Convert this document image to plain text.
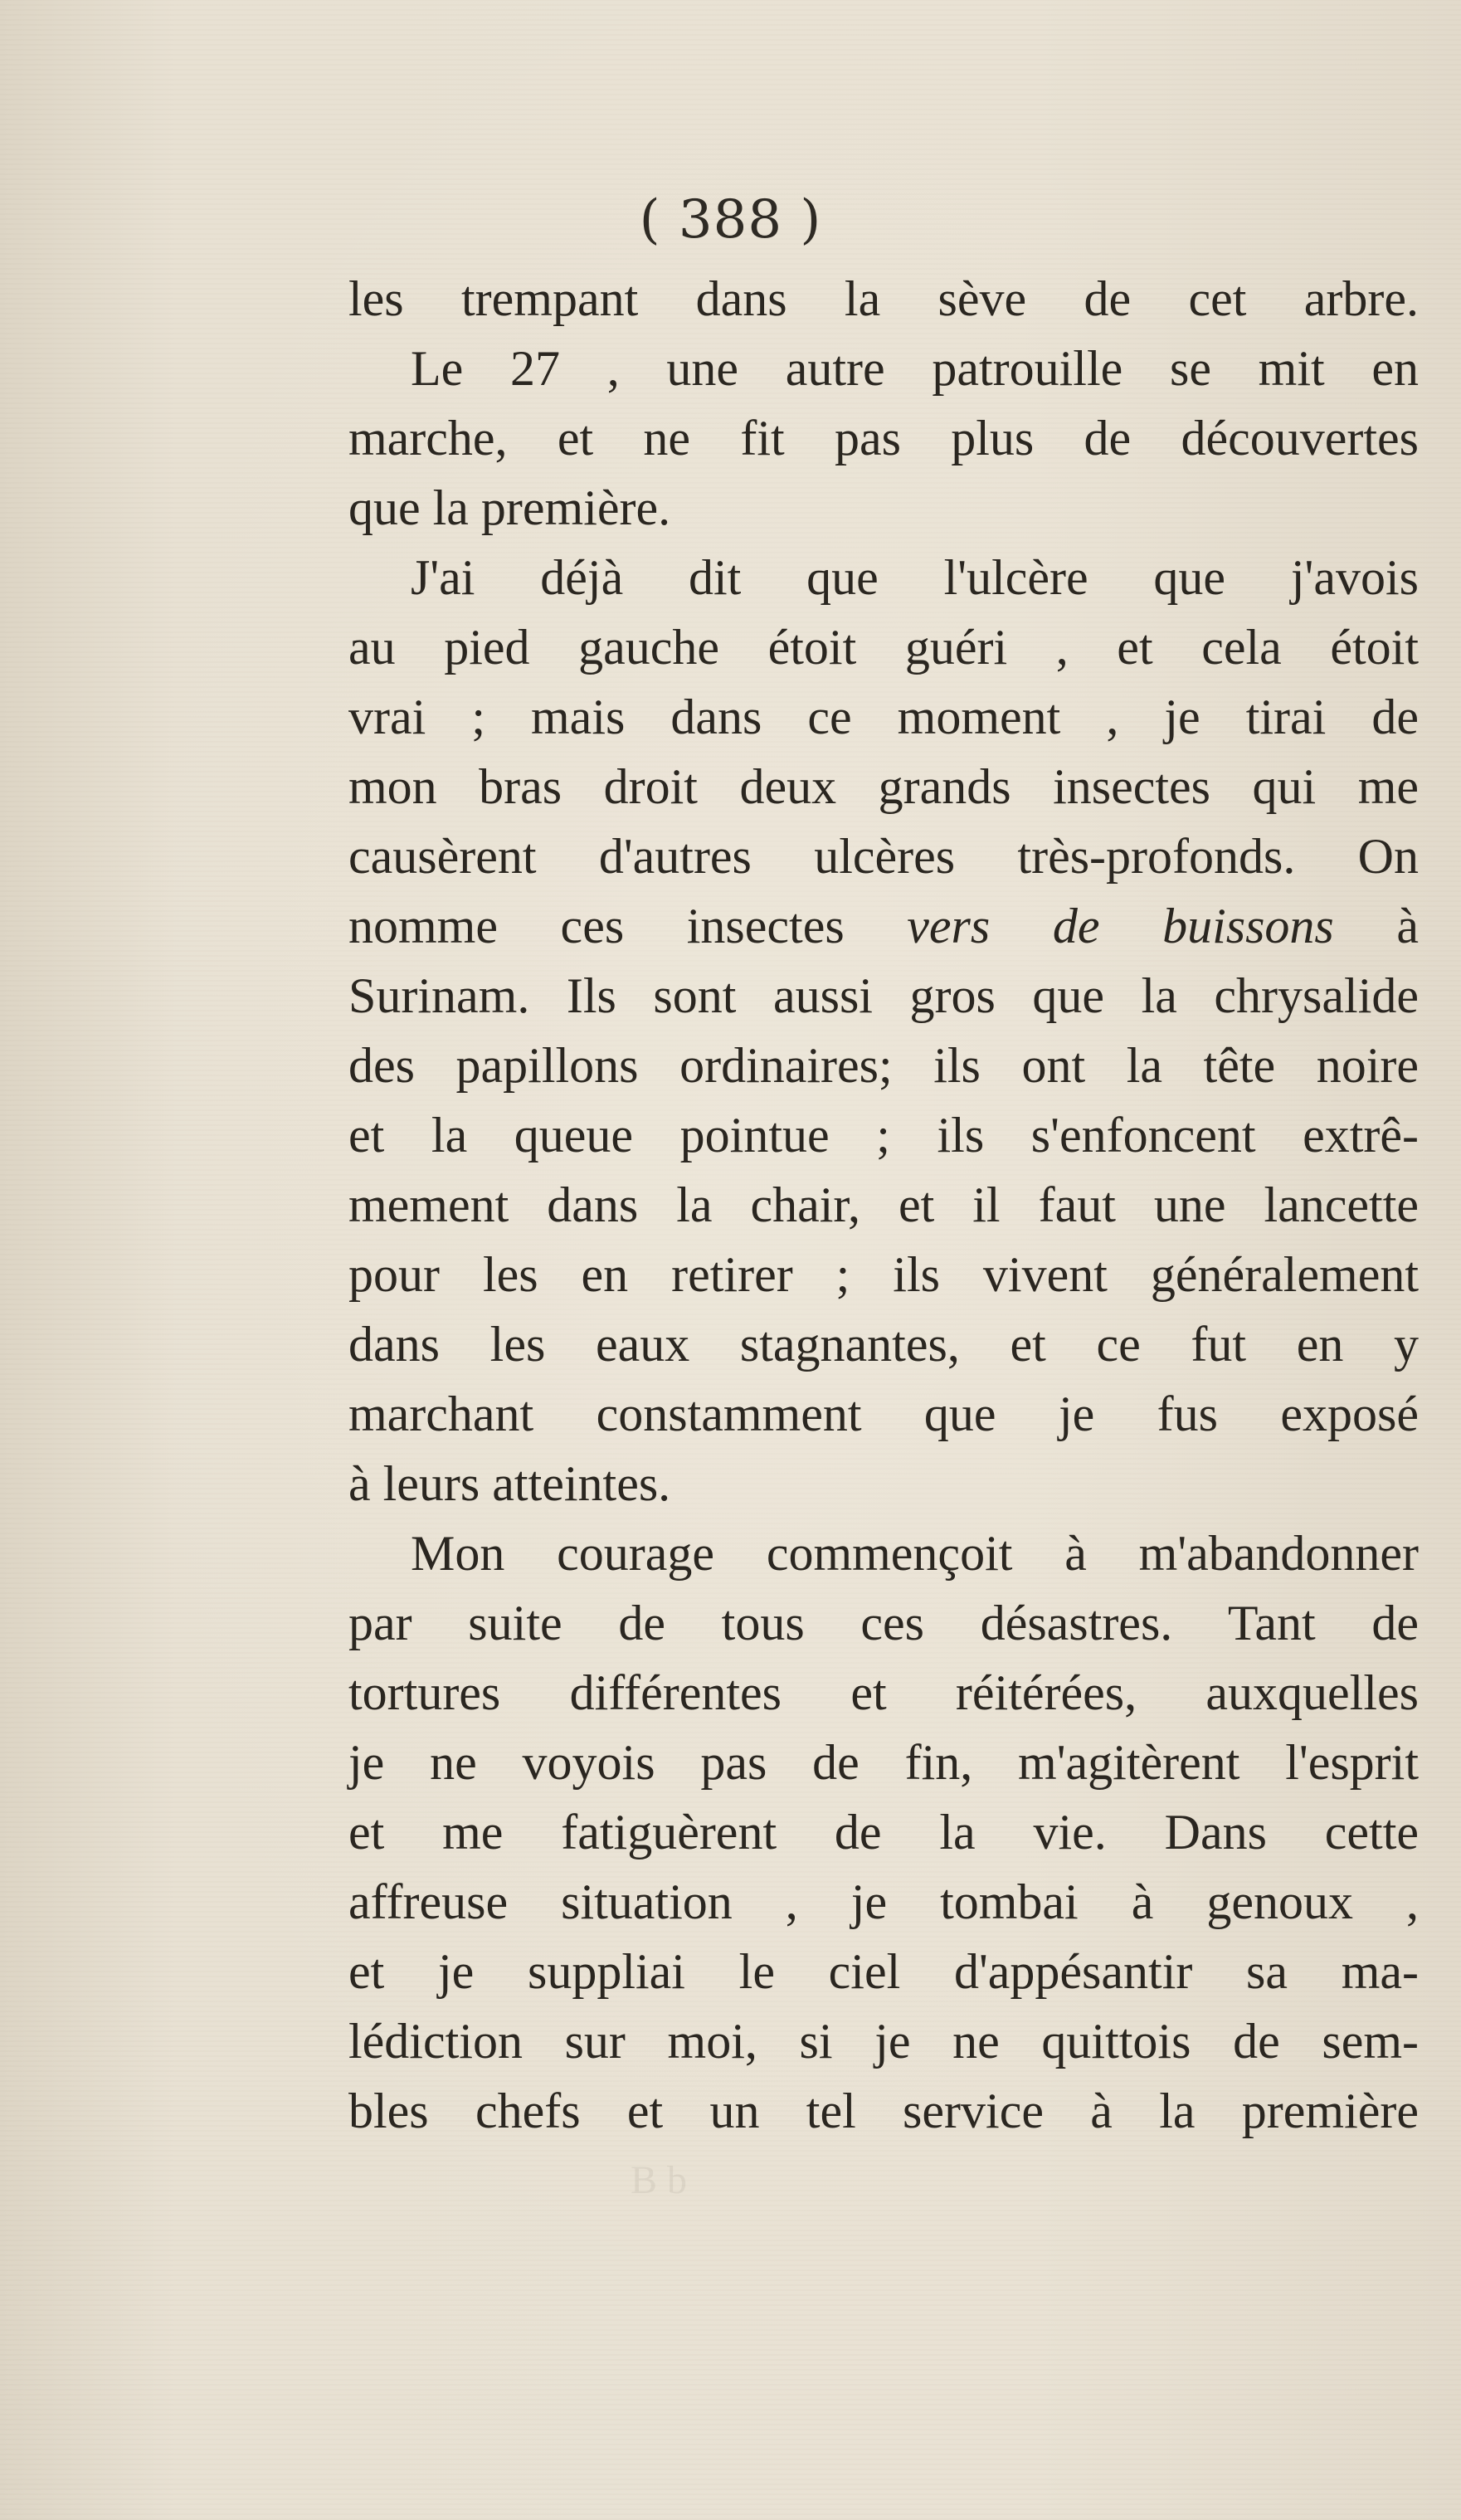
( 388 )
les trempant dans la sève de cet arbre.
Le 27 , une autre patrouille se mit en
marche, et ne fit pas plus de découvertes
que la première.
J'ai déjà dit que l'ulcère que j'avois
au pied gauche étoit guéri , et cela étoit
vrai ; mais dans ce moment , je tirai de
mon bras droit deux grands insectes qui me
causèrent d'autres ulcères très-profonds. On
nomme ces insectes vers de buissons à
Surinam. Ils sont aussi gros que la chrysalide
des papillons ordinaires; ils ont la tête noire
et la queue pointue ; ils s'enfoncent extrê-
mement dans la chair, et il faut une lancette
pour les en retirer ; ils vivent généralement
dans les eaux stagnantes, et ce fut en y
marchant constamment que je fus exposé
à leurs atteintes.
Mon courage commençoit à m'abandonner
par suite de tous ces désastres. Tant de
tortures différentes et réitérées, auxquelles
je ne voyois pas de fin, m'agitèrent l'esprit
et me fatiguèrent de la vie. Dans cette
affreuse situation , je tombai à genoux ,
et je suppliai le ciel d'appésantir sa ma-
lédiction sur moi, si je ne quittois de sem-
bles chefs et un tel service à la première
B b
